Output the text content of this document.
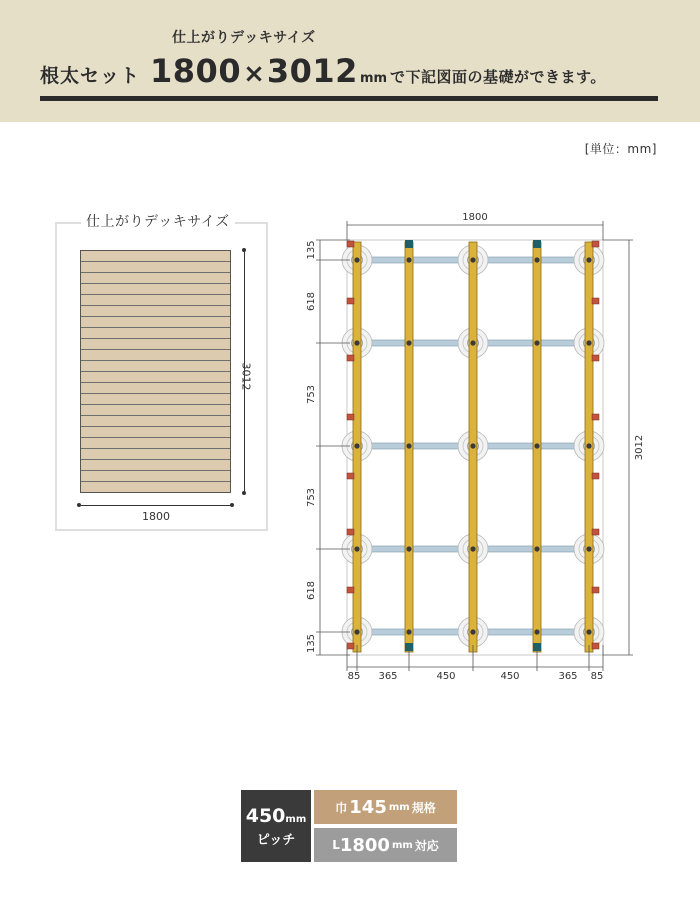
仕上がりデッキサイズ
根太セット 1800 × 3012 mm で下記図面の基礎ができます。
[単位：mm]
仕上がりデッキサイズ
1800
3012
1800
3012
135
618
753
753
618
135
85 365	450	450	365 85
450mm
ピッチ
巾 145 mm 規格
L 1800 mm 対応
